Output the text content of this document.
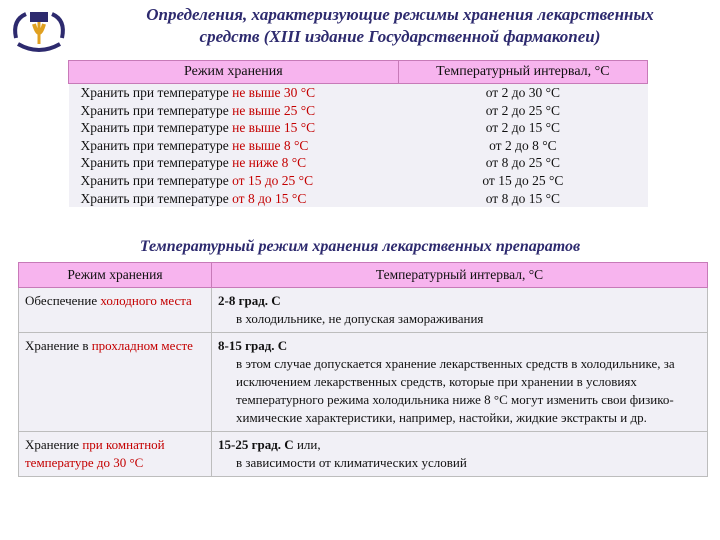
Определения, характеризующие режимы хранения лекарственных средств (XIII издание Государственной фармакопеи)
Режим хранения	Температурный интервал, °С
Хранить при температуре не выше 30 °С	от 2 до 30 °С
Хранить при температуре не выше 25 °С	от 2 до 25 °С
Хранить при температуре не выше 15 °С	от 2 до 15 °С
Хранить при температуре не выше 8 °С	от 2 до 8 °С
Хранить при температуре не ниже 8 °С	от 8 до 25 °С
Хранить при температуре от 15 до 25 °С	от 15 до 25 °С
Хранить при температуре от 8 до 15 °С	от 8 до 15 °С
Температурный режим хранения лекарственных препаратов
Режим хранения	Температурный интервал, °С
Обеспечение холодного места	2-8 град. С
в холодильнике, не допуская замораживания

Хранение в прохладном месте	8-15 град. С
в этом случае допускается хранение лекарственных средств в холодильнике, за исключением лекарственных средств, которые при хранении в условиях температурного режима холодильника ниже 8 °С могут изменить свои физико-химические характеристики, например, настойки, жидкие экстракты и др.

Хранение при комнатной температуре до 30 °С	15-25 град. С или,
в зависимости от климатических условий
